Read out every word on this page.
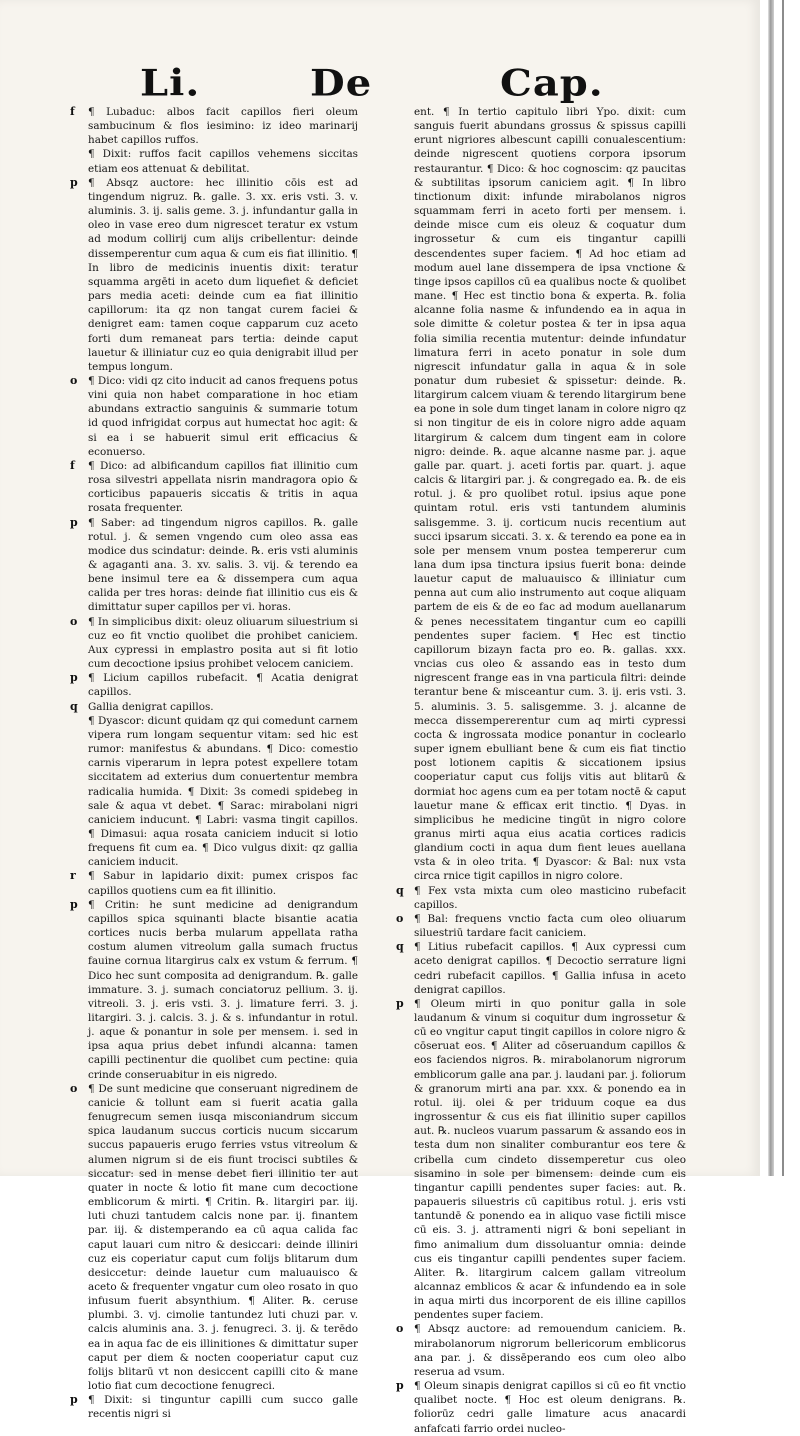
Li.	De	Cap.
f ¶ Lubaduc: albos facit capillos fieri oleum sambucinum & flos iesimino: iz ideo marinarij habet capillos ruffos.
¶ Dixit: ruffos facit capillos vehemens siccitas etiam eos attenuat & debilitat.
p ¶ Absqz auctore: hec illinitio cōis est ad tingendum nigruz. ℞. galle. 3. xx. eris vsti. 3. v. aluminis. 3. ij. salis geme. 3. j. infundantur galla in oleo in vase ereo dum nigrescet teratur ex vstum ad modum collirij cum alijs cribellentur: deinde dissemperentur cum aqua & cum eis fiat illinitio. ¶ In libro de medicinis inuentis dixit: teratur squamma argēti in aceto dum liquefiet & deficiet pars media aceti: deinde cum ea fiat illinitio capillorum: ita qz non tangat curem faciei & denigret eam: tamen coque capparum cuz aceto forti dum remaneat pars tertia: deinde caput lauetur & illiniatur cuz eo quia denigrabit illud per tempus longum.
o ¶ Dico: vidi qz cito inducit ad canos frequens potus vini quia non habet comparatione in hoc etiam abundans extractio sanguinis & summarie totum id quod infrigidat corpus aut humectat hoc agit: & si ea i se habuerit simul erit efficacius & econuerso.
f ¶ Dico: ad albificandum capillos fiat illinitio cum rosa silvestri appellata nisrin mandragora opio & corticibus papaueris siccatis & tritis in aqua rosata frequenter.
p ¶ Saber: ad tingendum nigros capillos. ℞. galle rotul. j. & semen vngendo cum oleo assa eas modice dus scindatur: deinde. ℞. eris vsti aluminis & agaganti ana. 3. xv. salis. 3. vij. & terendo ea bene insimul tere ea & dissempera cum aqua calida per tres horas: deinde fiat illinitio cus eis & dimittatur super capillos per vi. horas.
o ¶ In simplicibus dixit: oleuz oliuarum siluestrium si cuz eo fit vnctio quolibet die prohibet caniciem. Aux cypressi in emplastro posita aut si fit lotio cum decoctione ipsius prohibet velocem caniciem.
p ¶ Licium capillos rubefacit. ¶ Acatia denigrat capillos.
q Gallia denigrat capillos.
¶ Dyascor: dicunt quidam qz qui comedunt carnem vipera rum longam sequentur vitam: sed hic est rumor: manifestus & abundans. ¶ Dico: comestio carnis viperarum in lepra potest expellere totam siccitatem ad exterius dum conuertentur membra radicalia humida. ¶ Dixit: 3s comedi spidebeg in sale & aqua vt debet. ¶ Sarac: mirabolani nigri caniciem inducunt. ¶ Labri: vasma tingit capillos. ¶ Dimasui: aqua rosata caniciem inducit si lotio frequens fit cum ea. ¶ Dico vulgus dixit: qz gallia caniciem inducit.
r ¶ Sabur in lapidario dixit: pumex crispos fac capillos quotiens cum ea fit illinitio.
p ¶ Critin: he sunt medicine ad denigrandum capillos spica squinanti blacte bisantie acatia cortices nucis berba mularum appellata ratha costum alumen vitreolum galla sumach fructus fauine cornua litargirus calx ex vstum & ferrum. ¶ Dico hec sunt composita ad denigrandum. ℞. galle immature. 3. j. sumach conciatoruz pellium. 3. ij. vitreoli. 3. j. eris vsti. 3. j. limature ferri. 3. j. litargiri. 3. j. calcis. 3. j. & s. infundantur in rotul. j. aque & ponantur in sole per mensem. i. sed in ipsa aqua prius debet infundi alcanna: tamen capilli pectinentur die quolibet cum pectine: quia crinde conseruabitur in eis nigredo.
o ¶ De sunt medicine que conseruant nigredinem de canicie & tollunt eam si fuerit acatia galla fenugrecum semen iusqa misconiandrum siccum spica laudanum succus corticis nucum siccarum succus papaueris erugo ferries vstus vitreolum & alumen nigrum si de eis fiunt trocisci subtiles & siccatur: sed in mense debet fieri illinitio ter aut quater in nocte & lotio fit mane cum decoctione emblicorum & mirti. ¶ Critin. ℞. litargiri par. iij. luti chuzi tantudem calcis none par. ij. finantem par. iij. & distemperando ea cū aqua calida fac caput lauari cum nitro & desiccari: deinde illiniri cuz eis coperiatur caput cum folijs blitarum dum desiccetur: deinde lauetur cum maluauisco & aceto & frequenter vngatur cum oleo rosato in quo infusum fuerit absynthium. ¶ Aliter. ℞. ceruse plumbi. 3. vj. cimolie tantundez luti chuzi par. v. calcis aluminis ana. 3. j. fenugreci. 3. ij. & terēdo ea in aqua fac de eis illinitiones & dimittatur super caput per diem & nocten cooperiatur caput cuz folijs blitarū vt non desiccent capilli cito & mane lotio fiat cum decoctione fenugreci.
p ¶ Dixit: si tinguntur capilli cum succo galle recentis nigri si
ent. ¶ In tertio capitulo libri Ypo. dixit: cum sanguis fuerit abundans grossus & spissus capilli erunt nigriores albescunt capilli conualescentium: deinde nigrescent quotiens corpora ipsorum restaurantur. ¶ Dico: & hoc cognoscim: qz paucitas & subtilitas ipsorum caniciem agit. ¶ In libro tinctionum dixit: infunde mirabolanos nigros squammam ferri in aceto forti per mensem. i. deinde misce cum eis oleuz & coquatur dum ingrossetur & cum eis tingantur capilli descendentes super faciem. ¶ Ad hoc etiam ad modum auel lane dissempera de ipsa vnctione & tinge ipsos capillos cū ea qualibus nocte & quolibet mane. ¶ Hec est tinctio bona & experta. ℞. folia alcanne folia nasme & infundendo ea in aqua in sole dimitte & coletur postea & ter in ipsa aqua folia similia recentia mutentur: deinde infundatur limatura ferri in aceto ponatur in sole dum nigrescit infundatur galla in aqua & in sole ponatur dum rubesiet & spissetur: deinde. ℞. litargirum calcem viuam & terendo litargirum bene ea pone in sole dum tinget lanam in colore nigro qz si non tingitur de eis in colore nigro adde aquam litargirum & calcem dum tingent eam in colore nigro: deinde. ℞. aque alcanne nasme par. j. aque galle par. quart. j. aceti fortis par. quart. j. aque calcis & litargiri par. j. & congregado ea. ℞. de eis rotul. j. & pro quolibet rotul. ipsius aque pone quintam rotul. eris vsti tantundem aluminis salisgemme. 3. ij. corticum nucis recentium aut succi ipsarum siccati. 3. x. & terendo ea pone ea in sole per mensem vnum postea tempererur cum lana dum ipsa tinctura ipsius fuerit bona: deinde lauetur caput de maluauisco & illiniatur cum penna aut cum alio instrumento aut coque aliquam partem de eis & de eo fac ad modum auellanarum & penes necessitatem tingantur cum eo capilli pendentes super faciem. ¶ Hec est tinctio capillorum bizayn facta pro eo. ℞. gallas. xxx. vncias cus oleo & assando eas in testo dum nigrescent frange eas in vna particula filtri: deinde terantur bene & misceantur cum. 3. ij. eris vsti. 3. 5. aluminis. 3. 5. salisgemme. 3. j. alcanne de mecca dissempererentur cum aq mirti cypressi cocta & ingrossata modice ponantur in coclearlo super ignem ebulliant bene & cum eis fiat tinctio post lotionem capitis & siccationem ipsius cooperiatur caput cus folijs vitis aut blitarū & dormiat hoc agens cum ea per totam noctē & caput lauetur mane & efficax erit tinctio. ¶ Dyas. in simplicibus he medicine tingūt in nigro colore granus mirti aqua eius acatia cortices radicis glandium cocti in aqua dum fient leues auellana vsta & in oleo trita. ¶ Dyascor: & Bal: nux vsta circa rnice tigit capillos in nigro colore.
q ¶ Fex vsta mixta cum oleo masticino rubefacit capillos.
o ¶ Bal: frequens vnctio facta cum oleo oliuarum siluestriū tardare facit caniciem.
q ¶ Litius rubefacit capillos. ¶ Aux cypressi cum aceto denigrat capillos. ¶ Decoctio serrature ligni cedri rubefacit capillos. ¶ Gallia infusa in aceto denigrat capillos.
p ¶ Oleum mirti in quo ponitur galla in sole laudanum & vinum si coquitur dum ingrossetur & cū eo vngitur caput tingit capillos in colore nigro & cōseruat eos. ¶ Aliter ad cōseruandum capillos & eos faciendos nigros. ℞. mirabolanorum nigrorum emblicorum galle ana par. j. laudani par. j. foliorum & granorum mirti ana par. xxx. & ponendo ea in rotul. iij. olei & per triduum coque ea dus ingrossentur & cus eis fiat illinitio super capillos aut. ℞. nucleos vuarum passarum & assando eos in testa dum non sinaliter comburantur eos tere & cribella cum cindeto dissemperetur cus oleo sisamino in sole per bimensem: deinde cum eis tingantur capilli pendentes super facies: aut. ℞. papaueris siluestris cū capitibus rotul. j. eris vsti tantundē & ponendo ea in aliquo vase fictili misce cū eis. 3. j. attramenti nigri & boni sepeliant in fimo animalium dum dissoluantur omnia: deinde cus eis tingantur capilli pendentes super faciem. Aliter. ℞. litargirum calcem gallam vitreolum alcannaz emblicos & acar & infundendo ea in sole in aqua mirti dus incorporent de eis illine capillos pendentes super faciem.
o ¶ Absqz auctore: ad remouendum caniciem. ℞. mirabolanorum nigrorum bellericorum emblicorus ana par. j. & dissēperando eos cum oleo albo reserua ad vsum.
p ¶ Oleum sinapis denigrat capillos si cū eo fit vnctio qualibet nocte. ¶ Hoc est oleum denigrans. ℞. foliorūz cedri galle limature acus anacardi anfafcati farrio ordei nucleo-
